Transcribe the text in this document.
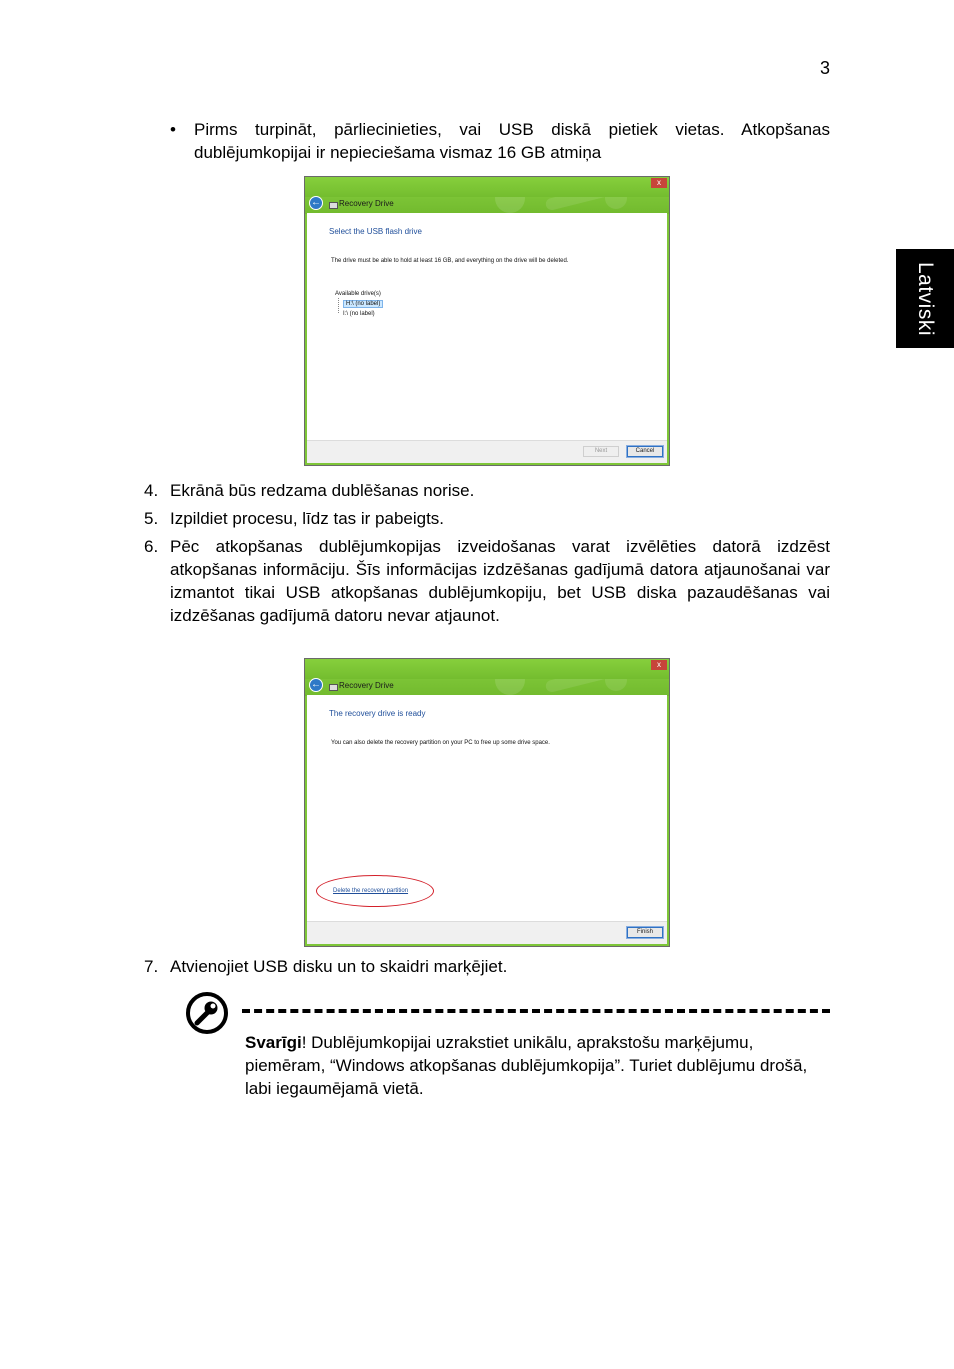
3
Latviski
• Pirms turpināt, pārliecinieties, vai USB diskā pietiek vietas. Atkopšanas dublējumkopijai ir nepieciešama vismaz 16 GB atmiņa
x
← Recovery Drive
Select the USB flash drive
The drive must be able to hold at least 16 GB, and everything on the drive will be deleted.
Available drive(s)
H:\ (no label)
I:\ (no label)
Next	Cancel
4. Ekrānā būs redzama dublēšanas norise.
5. Izpildiet procesu, līdz tas ir pabeigts.
6. Pēc atkopšanas dublējumkopijas izveidošanas varat izvēlēties datorā izdzēst atkopšanas informāciju. Šīs informācijas izdzēšanas gadījumā datora atjaunošanai var izmantot tikai USB atkopšanas dublējumkopiju, bet USB diska pazaudēšanas vai izdzēšanas gadījumā datoru nevar atjaunot.
x
← Recovery Drive
The recovery drive is ready
You can also delete the recovery partition on your PC to free up some drive space.
Delete the recovery partition
Finish
7. Atvienojiet USB disku un to skaidri marķējiet.
Svarīgi! Dublējumkopijai uzrakstiet unikālu, aprakstošu marķējumu, piemēram, “Windows atkopšanas dublējumkopija”. Turiet dublējumu drošā, labi iegaumējamā vietā.
